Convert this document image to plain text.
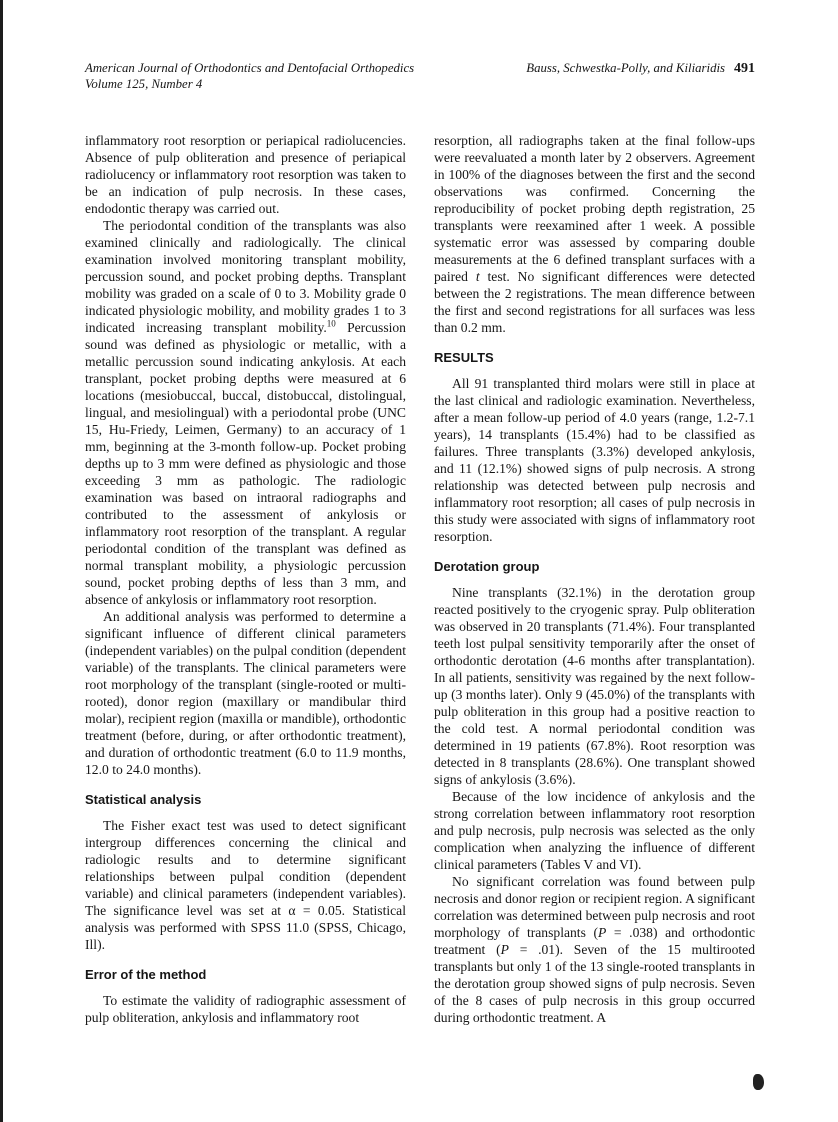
American Journal of Orthodontics and Dentofacial Orthopedics
Volume 125, Number 4
Bauss, Schwestka-Polly, and Kiliaridis 491

inflammatory root resorption or periapical radiolucencies. Absence of pulp obliteration and presence of periapical radiolucency or inflammatory root resorption was taken to be an indication of pulp necrosis. In these cases, endodontic therapy was carried out.

The periodontal condition of the transplants was also examined clinically and radiologically. The clinical examination involved monitoring transplant mobility, percussion sound, and pocket probing depths. Transplant mobility was graded on a scale of 0 to 3. Mobility grade 0 indicated physiologic mobility, and mobility grades 1 to 3 indicated increasing transplant mobility.$^{10}$ Percussion sound was defined as physiologic or metallic, with a metallic percussion sound indicating ankylosis. At each transplant, pocket probing depths were measured at 6 locations (mesiobuccal, buccal, distobuccal, distolingual, lingual, and mesiolingual) with a periodontal probe (UNC 15, Hu-Friedy, Leimen, Germany) to an accuracy of 1 mm, beginning at the 3-month follow-up. Pocket probing depths up to 3 mm were defined as physiologic and those exceeding 3 mm as pathologic. The radiologic examination was based on intraoral radiographs and contributed to the assessment of ankylosis or inflammatory root resorption of the transplant. A regular periodontal condition of the transplant was defined as normal transplant mobility, a physiologic percussion sound, pocket probing depths of less than 3 mm, and absence of ankylosis or inflammatory root resorption.

An additional analysis was performed to determine a significant influence of different clinical parameters (independent variables) on the pulpal condition (dependent variable) of the transplants. The clinical parameters were root morphology of the transplant (single-rooted or multi-rooted), donor region (maxillary or mandibular third molar), recipient region (maxilla or mandible), orthodontic treatment (before, during, or after orthodontic treatment), and duration of orthodontic treatment (6.0 to 11.9 months, 12.0 to 24.0 months).

Statistical analysis

The Fisher exact test was used to detect significant intergroup differences concerning the clinical and radiologic results and to determine significant relationships between pulpal condition (dependent variable) and clinical parameters (independent variables). The significance level was set at α = 0.05. Statistical analysis was performed with SPSS 11.0 (SPSS, Chicago, Ill).

Error of the method

To estimate the validity of radiographic assessment of pulp obliteration, ankylosis and inflammatory root

resorption, all radiographs taken at the final follow-ups were reevaluated a month later by 2 observers. Agreement in 100% of the diagnoses between the first and the second observations was confirmed. Concerning the reproducibility of pocket probing depth registration, 25 transplants were reexamined after 1 week. A possible systematic error was assessed by comparing double measurements at the 6 defined transplant surfaces with a paired t test. No significant differences were detected between the 2 registrations. The mean difference between the first and second registrations for all surfaces was less than 0.2 mm.

RESULTS

All 91 transplanted third molars were still in place at the last clinical and radiologic examination. Nevertheless, after a mean follow-up period of 4.0 years (range, 1.2-7.1 years), 14 transplants (15.4%) had to be classified as failures. Three transplants (3.3%) developed ankylosis, and 11 (12.1%) showed signs of pulp necrosis. A strong relationship was detected between pulp necrosis and inflammatory root resorption; all cases of pulp necrosis in this study were associated with signs of inflammatory root resorption.

Derotation group

Nine transplants (32.1%) in the derotation group reacted positively to the cryogenic spray. Pulp obliteration was observed in 20 transplants (71.4%). Four transplanted teeth lost pulpal sensitivity temporarily after the onset of orthodontic derotation (4-6 months after transplantation). In all patients, sensitivity was regained by the next follow-up (3 months later). Only 9 (45.0%) of the transplants with pulp obliteration in this group had a positive reaction to the cold test. A normal periodontal condition was determined in 19 patients (67.8%). Root resorption was detected in 8 transplants (28.6%). One transplant showed signs of ankylosis (3.6%).

Because of the low incidence of ankylosis and the strong correlation between inflammatory root resorption and pulp necrosis, pulp necrosis was selected as the only complication when analyzing the influence of different clinical parameters (Tables V and VI).

No significant correlation was found between pulp necrosis and donor region or recipient region. A significant correlation was determined between pulp necrosis and root morphology of transplants (P = .038) and orthodontic treatment (P = .01). Seven of the 15 multirooted transplants but only 1 of the 13 single-rooted transplants in the derotation group showed signs of pulp necrosis. Seven of the 8 cases of pulp necrosis in this group occurred during orthodontic treatment. A
